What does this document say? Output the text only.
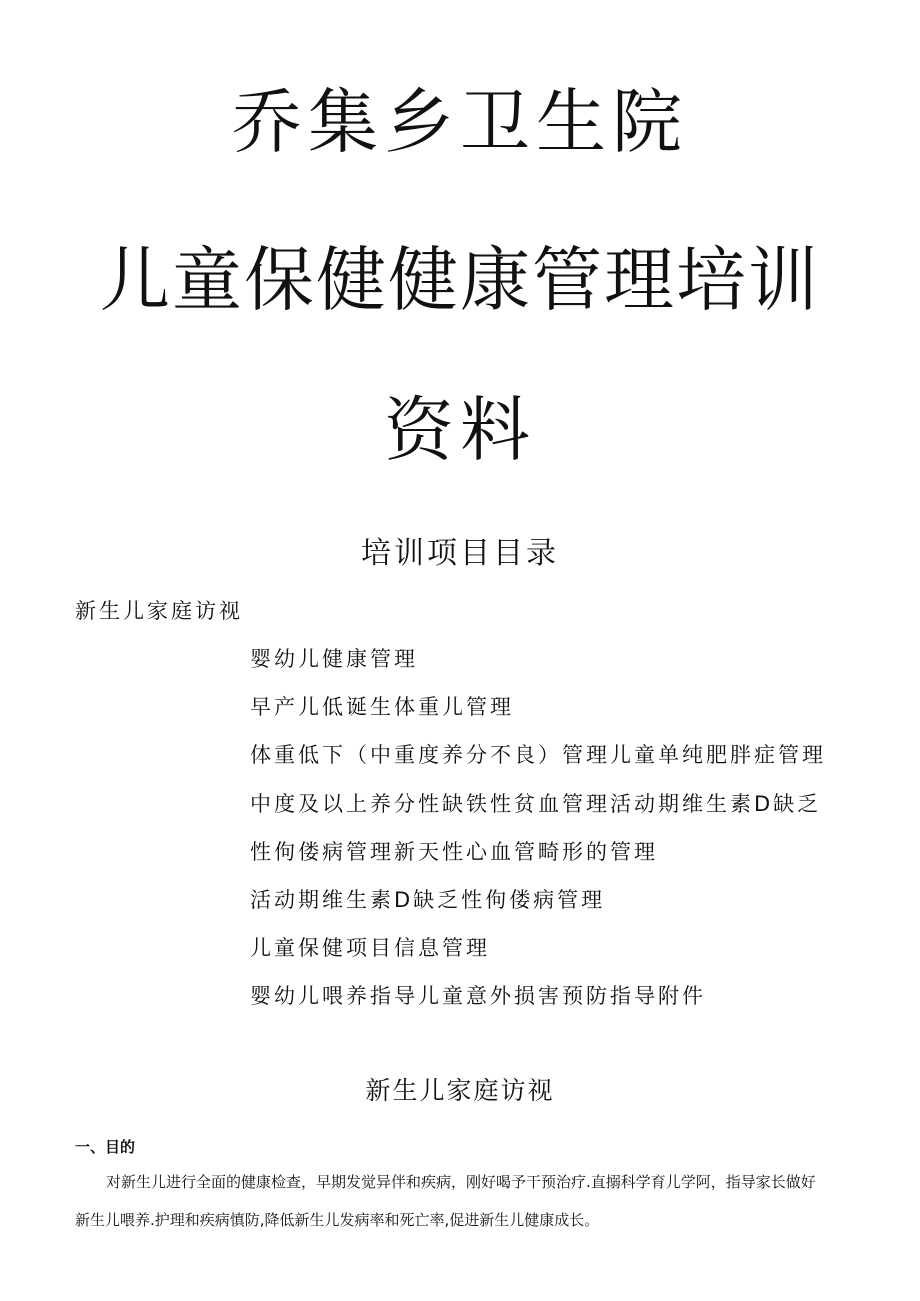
乔集乡卫生院
儿童保健健康管理培训
资料
培训项目目录
新生儿家庭访视
婴幼儿健康管理
早产儿低诞生体重儿管理
体重低下（中重度养分不良）管理儿童单纯肥胖症管理
中度及以上养分性缺铁性贫血管理活动期维生素D缺乏
性佝偻病管理新天性心血管畸形的管理
活动期维生素D缺乏性佝偻病管理
儿童保健项目信息管理
婴幼儿喂养指导儿童意外损害预防指导附件
新生儿家庭访视
一、目的
对新生儿进行全面的健康检查，早期发觉异伴和疾病，刚好喝予干预治疗.直搦科学育儿学阿，指导家长做好
新生儿喂养.护理和疾病慎防,降低新生儿发病率和死亡率,促进新生儿健康成长。
